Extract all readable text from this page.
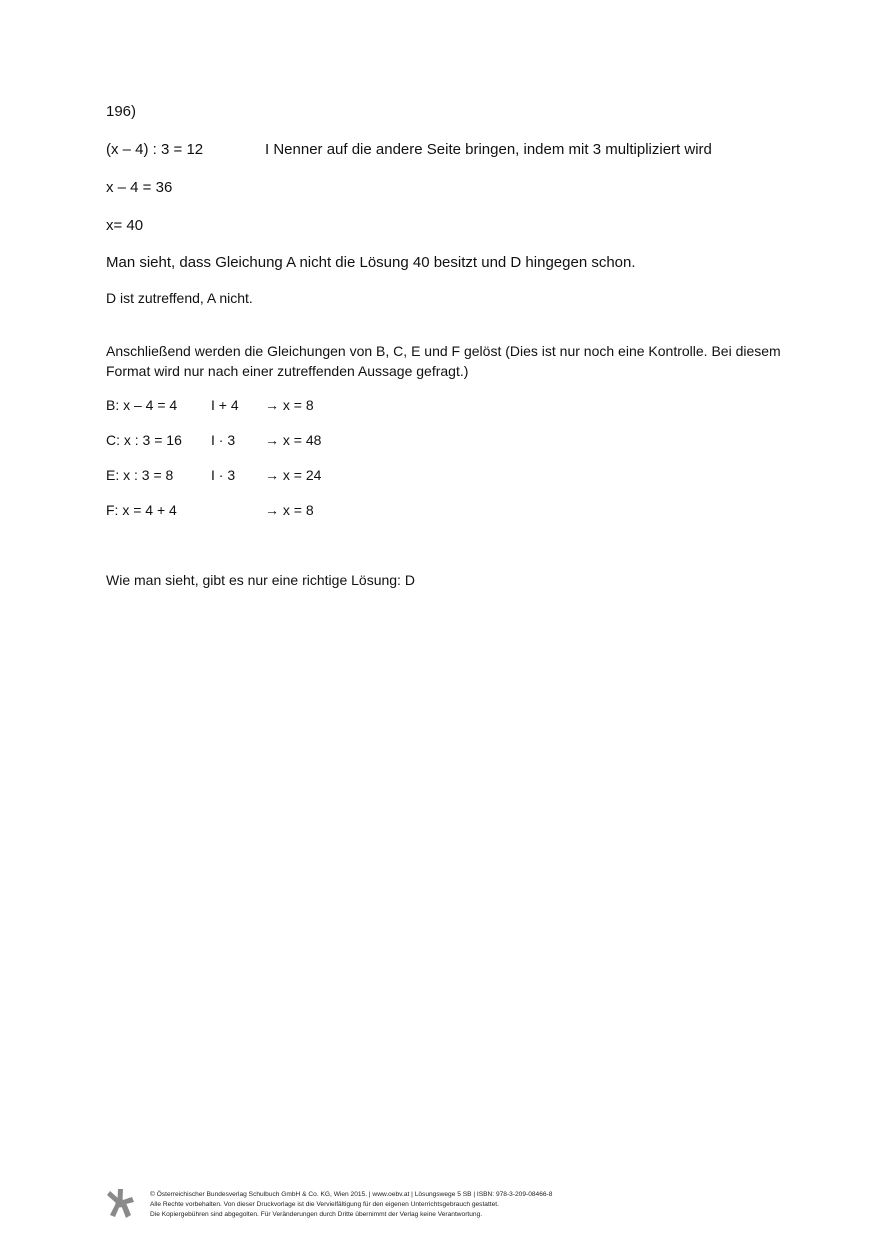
196)
(x – 4) : 3 = 12	I Nenner auf die andere Seite bringen, indem mit 3 multipliziert wird
x – 4 = 36
x= 40
Man sieht, dass Gleichung A nicht die Lösung 40 besitzt und D hingegen schon.
D ist zutreffend, A nicht.
Anschließend werden die Gleichungen von B, C, E und F gelöst (Dies ist nur noch eine Kontrolle. Bei diesem Format wird nur nach einer zutreffenden Aussage gefragt.)
B: x – 4 = 4 I + 4 → x = 8
C: x : 3 = 16 I · 3 → x = 48
E: x : 3 = 8	I · 3 → x = 24
F: x = 4 + 4	→ x = 8
Wie man sieht, gibt es nur eine richtige Lösung: D
© Österreichischer Bundesverlag Schulbuch GmbH & Co. KG, Wien 2015. | www.oebv.at | Lösungswege 5 SB | ISBN: 978-3-209-08466-8
Alle Rechte vorbehalten. Von dieser Druckvorlage ist die Vervielfältigung für den eigenen Unterrichtsgebrauch gestattet.
Die Kopiergebühren sind abgegolten. Für Veränderungen durch Dritte übernimmt der Verlag keine Verantwortung.
